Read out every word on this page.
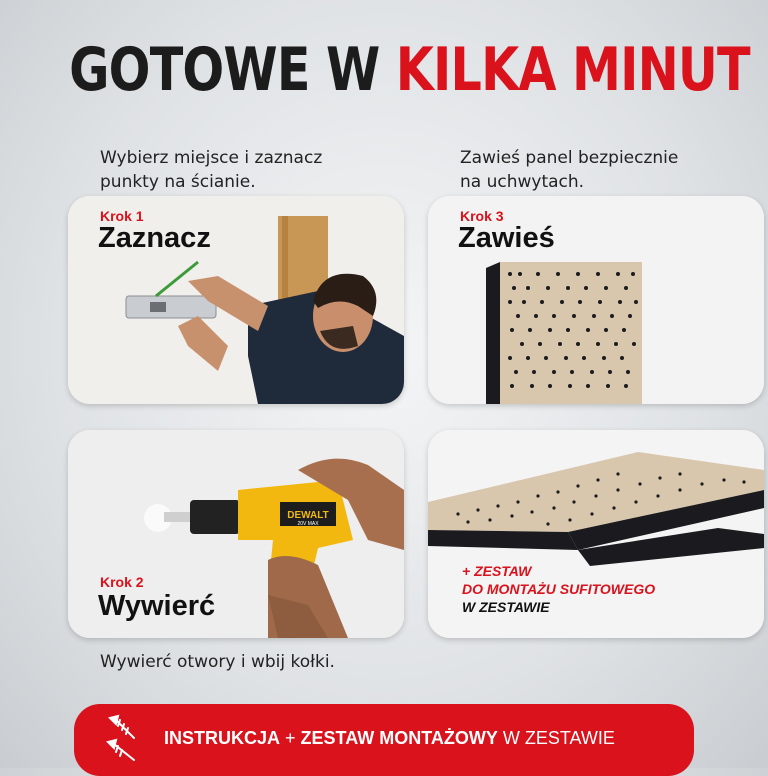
GOTOWE W KILKA MINUT
Wybierz miejsce i zaznacz
punkty na ścianie.
Zawieś panel bezpiecznie
na uchwytach.
Krok 1
Zaznacz
Krok 3
Zawieś
DEWALT
20V MAX
Krok 2
Wywierć
+ ZESTAW
DO MONTAŻU SUFITOWEGO
W ZESTAWIE
Wywierć otwory i wbij kołki.
INSTRUKCJA + ZESTAW MONTAŻOWY W ZESTAWIE
